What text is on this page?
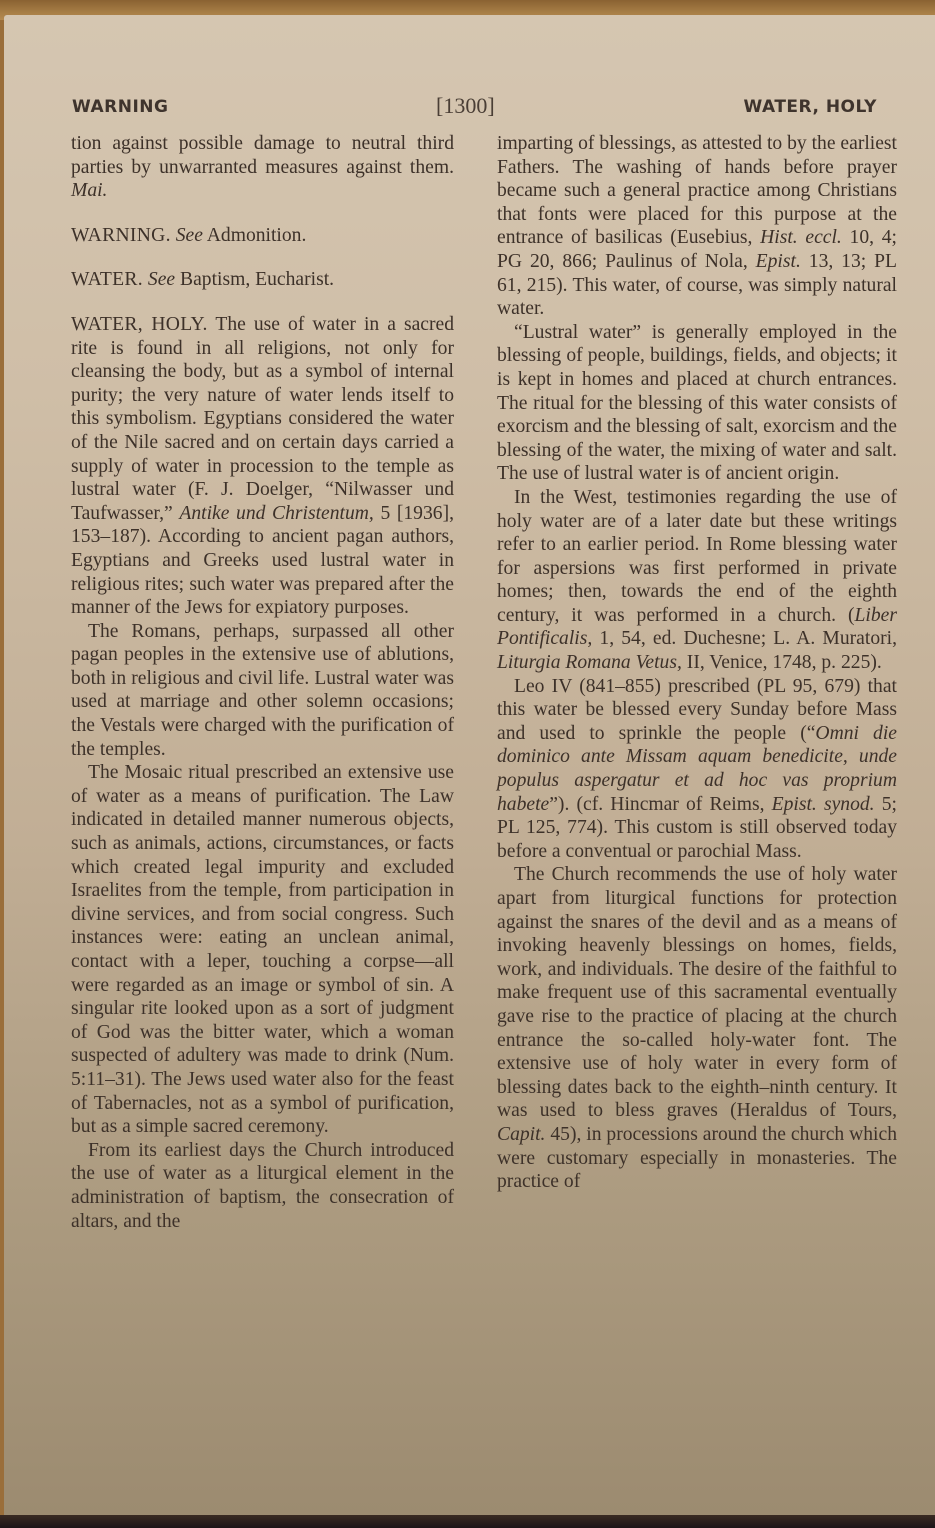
WARNING	[1300]	WATER, HOLY

tion against possible damage to neutral third parties by unwarranted measures against them. Mai.

WARNING. See Admonition.

WATER. See Baptism, Eucharist.

WATER, HOLY. The use of water in a sacred rite is found in all religions, not only for cleansing the body, but as a symbol of internal purity; the very nature of water lends itself to this symbolism. Egyptians considered the water of the Nile sacred and on certain days carried a supply of water in procession to the temple as lustral water (F. J. Doelger, “Nilwasser und Taufwasser,” Antike und Christentum, 5 [1936], 153–187). According to ancient pagan authors, Egyptians and Greeks used lustral water in religious rites; such water was prepared after the manner of the Jews for expiatory purposes.

The Romans, perhaps, surpassed all other pagan peoples in the extensive use of ablutions, both in religious and civil life. Lustral water was used at marriage and other solemn occasions; the Vestals were charged with the purification of the temples.

The Mosaic ritual prescribed an extensive use of water as a means of purification. The Law indicated in detailed manner numerous objects, such as animals, actions, circumstances, or facts which created legal impurity and excluded Israelites from the temple, from participation in divine services, and from social congress. Such instances were: eating an unclean animal, contact with a leper, touching a corpse—all were regarded as an image or symbol of sin. A singular rite looked upon as a sort of judgment of God was the bitter water, which a woman suspected of adultery was made to drink (Num. 5:11–31). The Jews used water also for the feast of Tabernacles, not as a symbol of purification, but as a simple sacred ceremony.

From its earliest days the Church introduced the use of water as a liturgical element in the administration of baptism, the consecration of altars, and the

imparting of blessings, as attested to by the earliest Fathers. The washing of hands before prayer became such a general practice among Christians that fonts were placed for this purpose at the entrance of basilicas (Eusebius, Hist. eccl. 10, 4; PG 20, 866; Paulinus of Nola, Epist. 13, 13; PL 61, 215). This water, of course, was simply natural water.

“Lustral water” is generally employed in the blessing of people, buildings, fields, and objects; it is kept in homes and placed at church entrances. The ritual for the blessing of this water consists of exorcism and the blessing of salt, exorcism and the blessing of the water, the mixing of water and salt. The use of lustral water is of ancient origin.

In the West, testimonies regarding the use of holy water are of a later date but these writings refer to an earlier period. In Rome blessing water for aspersions was first performed in private homes; then, towards the end of the eighth century, it was performed in a church. (Liber Pontificalis, 1, 54, ed. Duchesne; L. A. Muratori, Liturgia Romana Vetus, II, Venice, 1748, p. 225).

Leo IV (841–855) prescribed (PL 95, 679) that this water be blessed every Sunday before Mass and used to sprinkle the people (“Omni die dominico ante Missam aquam benedicite, unde populus aspergatur et ad hoc vas proprium habete”). (cf. Hincmar of Reims, Epist. synod. 5; PL 125, 774). This custom is still observed today before a conventual or parochial Mass.

The Church recommends the use of holy water apart from liturgical functions for protection against the snares of the devil and as a means of invoking heavenly blessings on homes, fields, work, and individuals. The desire of the faithful to make frequent use of this sacramental eventually gave rise to the practice of placing at the church entrance the so-called holy-water font. The extensive use of holy water in every form of blessing dates back to the eighth–ninth century. It was used to bless graves (Heraldus of Tours, Capit. 45), in processions around the church which were customary especially in monasteries. The practice of
